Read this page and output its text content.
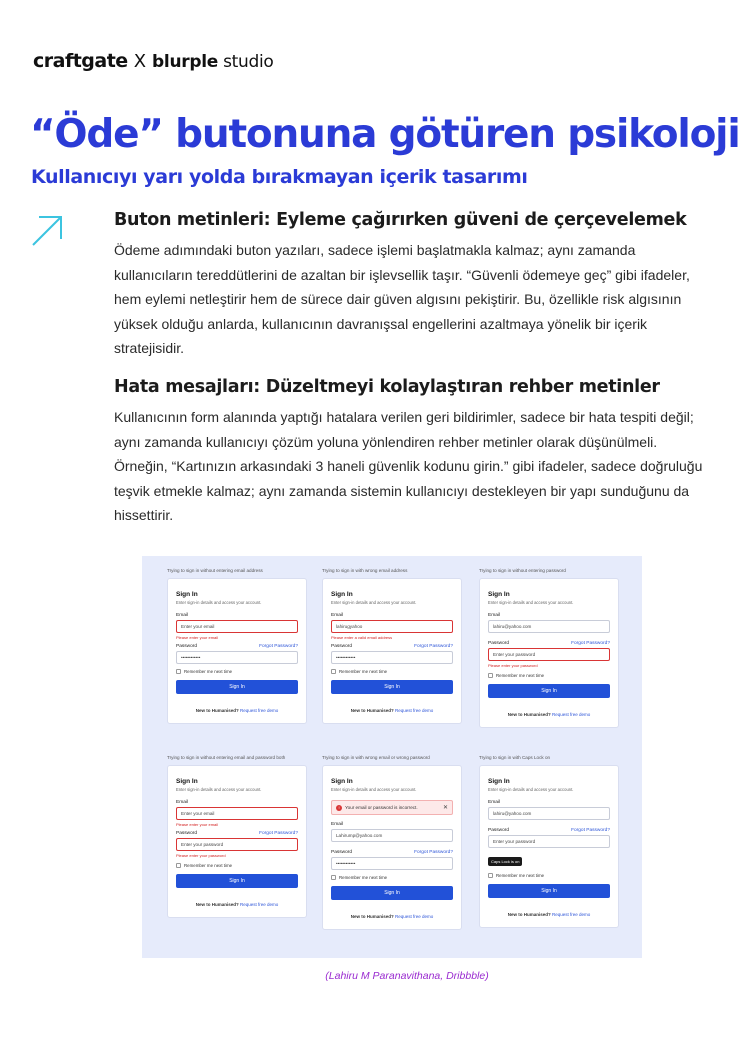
craftgate X blurple studio
“Öde” butonuna götüren psikoloji
Kullanıcıyı yarı yolda bırakmayan içerik tasarımı
Buton metinleri: Eyleme çağırırken güveni de çerçevelemek

Ödeme adımındaki buton yazıları, sadece işlemi başlatmakla kalmaz; aynı zamanda kullanıcıların tereddütlerini de azaltan bir işlevsellik taşır. “Güvenli ödemeye geç” gibi ifadeler, hem eylemi netleştirir hem de sürece dair güven algısını pekiştirir. Bu, özellikle risk algısının yüksek olduğu anlarda, kullanıcının davranışsal engellerini azaltmaya yönelik bir içerik stratejisidir.

Hata mesajları: Düzeltmeyi kolaylaştıran rehber metinler

Kullanıcının form alanında yaptığı hatalara verilen geri bildirimler, sadece bir hata tespiti değil; aynı zamanda kullanıcıyı çözüm yoluna yönlendiren rehber metinler olarak düşünülmeli. Örneğin, “Kartınızın arkasındaki 3 haneli güvenlik kodunu girin.” gibi ifadeler, sadece doğruluğu teşvik etmekle kalmaz; aynı zamanda sistemin kullanıcıyı destekleyen bir yapı sunduğunu da hissettirir.

Trying to sign in without entering email address
Sign In
Enter sign-in details and access your account.
Email
Enter your email
Please enter your email
Password	Forgot Password?
••••••••••••
Remember me next time
Sign In
New to Humanised? Request free demo
Trying to sign in with wrong email address
Sign In
Enter sign-in details and access your account.
Email
lahirugyahoo
Please enter a valid email address
Password	Forgot Password?
••••••••••••
Remember me next time
Sign In
New to Humanised? Request free demo
Trying to sign in without entering password
Sign In
Enter sign-in details and access your account.
Email
lahiru@yahoo.com
Password	Forgot Password?
Enter your password
Please enter your password
Remember me next time
Sign In
New to Humanised? Request free demo
Trying to sign in without entering email and password both
Sign In
Enter sign-in details and access your account.
Email
Enter your email
Please enter your email
Password	Forgot Password?
Enter your password
Please enter your password
Remember me next time
Sign In
New to Humanised? Request free demo
Trying to sign in with wrong email or wrong password
Sign In
Enter sign-in details and access your account.
!	Your email or password is incorrect.	✕
Email
Lahirump@yahoo.com
Password	Forgot Password?
••••••••••••
Remember me next time
Sign In
New to Humanised? Request free demo
Trying to sign in with Caps Lock on
Sign In
Enter sign-in details and access your account.
Email
lahiru@yahoo.com
Password	Forgot Password?
Enter your password
Caps Lock is on
Remember me next time
Sign In
New to Humanised? Request free demo
(Lahiru M Paranavithana, Dribbble)
